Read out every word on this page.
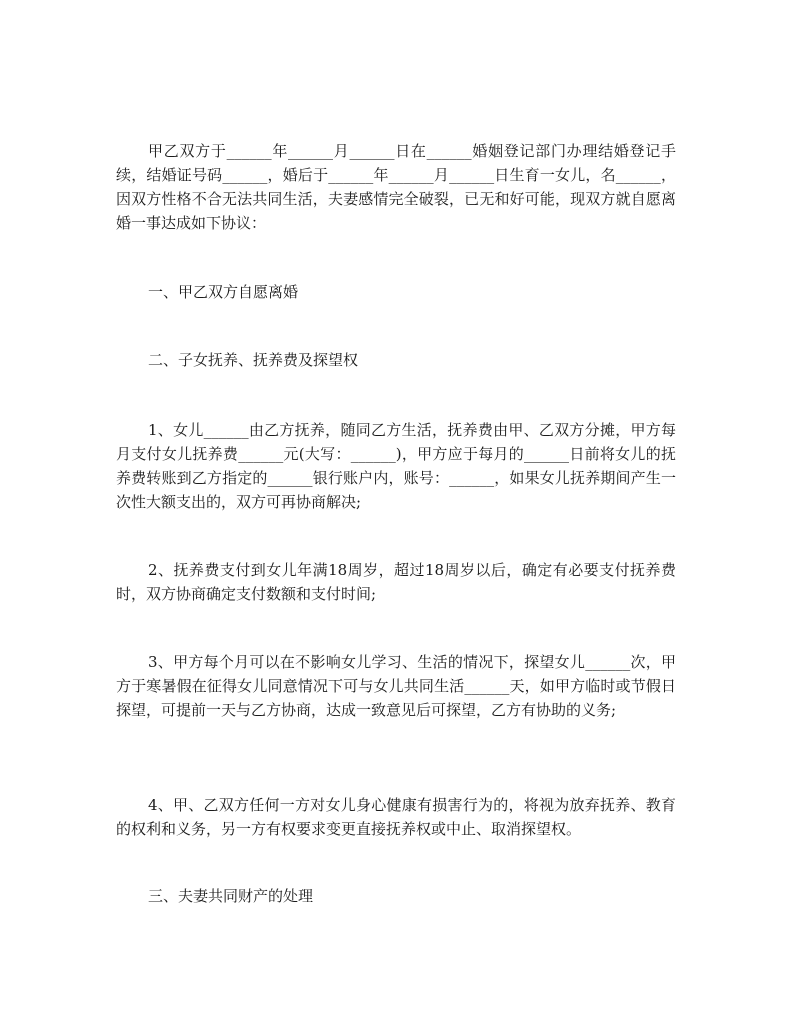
甲乙双方于______年______月______日在______婚姻登记部门办理结婚登记手续，结婚证号码______，婚后于______年______月______日生育一女儿，名______，因双方性格不合无法共同生活，夫妻感情完全破裂，已无和好可能，现双方就自愿离婚一事达成如下协议：

一、甲乙双方自愿离婚

二、子女抚养、抚养费及探望权

1、女儿______由乙方抚养，随同乙方生活，抚养费由甲、乙双方分摊，甲方每月支付女儿抚养费______元(大写：______)，甲方应于每月的______日前将女儿的抚养费转账到乙方指定的______银行账户内，账号：______，如果女儿抚养期间产生一次性大额支出的，双方可再协商解决;

2、抚养费支付到女儿年满18周岁，超过18周岁以后，确定有必要支付抚养费时，双方协商确定支付数额和支付时间;

3、甲方每个月可以在不影响女儿学习、生活的情况下，探望女儿______次，甲方于寒暑假在征得女儿同意情况下可与女儿共同生活______天，如甲方临时或节假日探望，可提前一天与乙方协商，达成一致意见后可探望，乙方有协助的义务;

4、甲、乙双方任何一方对女儿身心健康有损害行为的，将视为放弃抚养、教育的权利和义务，另一方有权要求变更直接抚养权或中止、取消探望权。

三、夫妻共同财产的处理
